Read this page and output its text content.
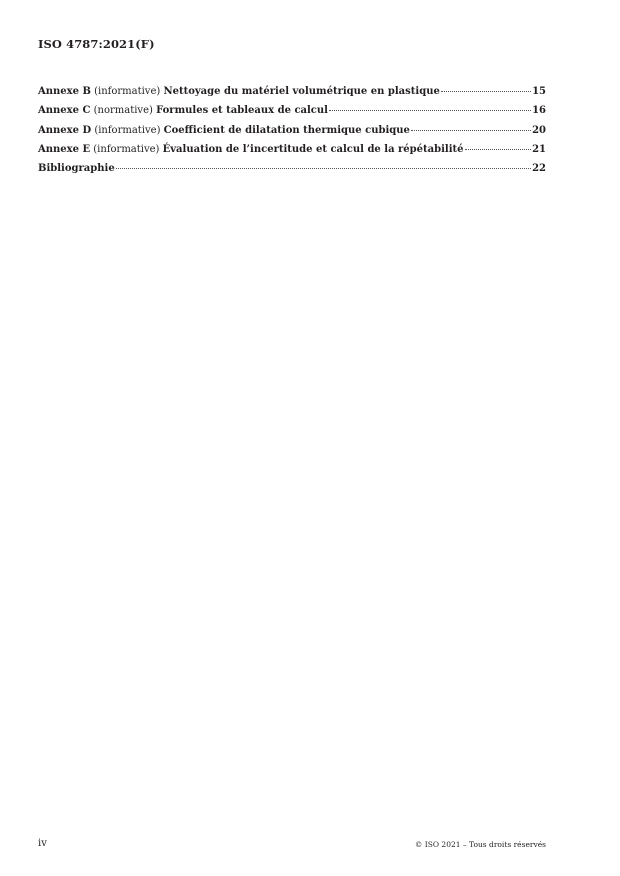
ISO 4787:2021(F)
Annexe B (informative) Nettoyage du matériel volumétrique en plastique	15
Annexe C (normative) Formules et tableaux de calcul	16
Annexe D (informative) Coefficient de dilatation thermique cubique	20
Annexe E (informative) Évaluation de l’incertitude et calcul de la répétabilité	21
Bibliographie	22
iv	© ISO 2021 – Tous droits réservés
